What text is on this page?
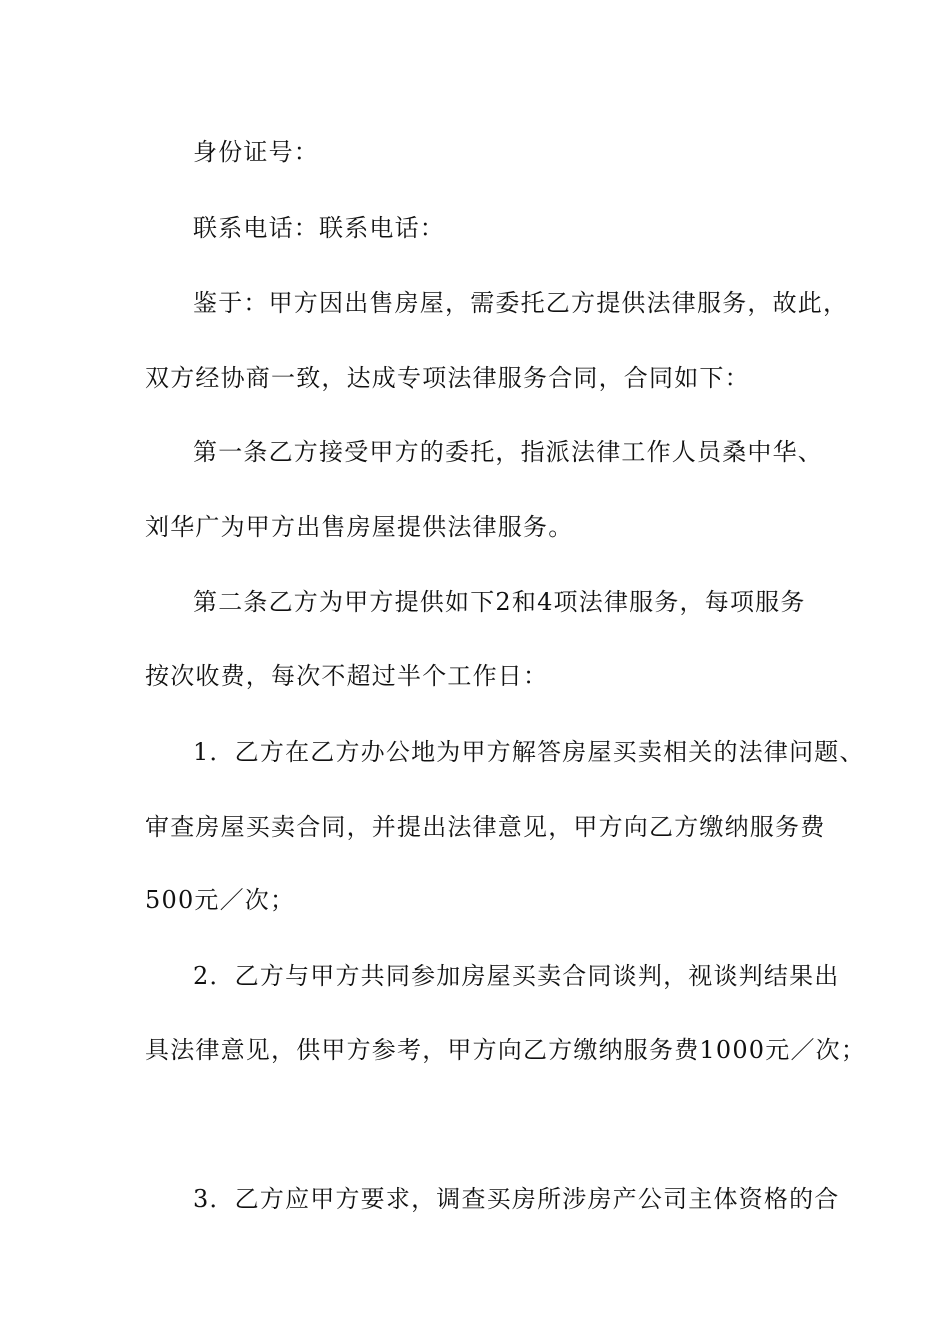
身份证号：
联系电话：联系电话：
鉴于：甲方因出售房屋，需委托乙方提供法律服务，故此，
双方经协商一致，达成专项法律服务合同，合同如下：
第一条乙方接受甲方的委托，指派法律工作人员桑中华、
刘华广为甲方出售房屋提供法律服务。
第二条乙方为甲方提供如下2和4项法律服务，每项服务
按次收费，每次不超过半个工作日：
1．乙方在乙方办公地为甲方解答房屋买卖相关的法律问题、
审查房屋买卖合同，并提出法律意见，甲方向乙方缴纳服务费
500元／次；
2．乙方与甲方共同参加房屋买卖合同谈判，视谈判结果出
具法律意见，供甲方参考，甲方向乙方缴纳服务费1000元／次；
3．乙方应甲方要求，调查买房所涉房产公司主体资格的合
